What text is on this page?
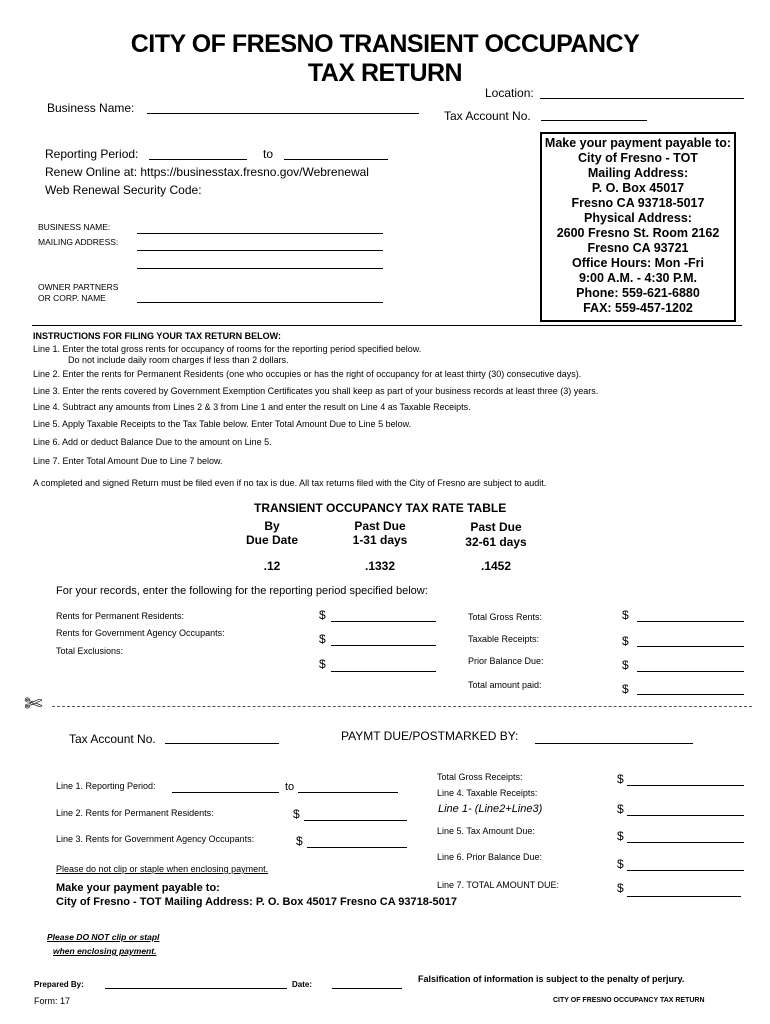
CITY OF FRESNO TRANSIENT OCCUPANCY
TAX RETURN
Location:
Business Name:
Tax Account No.
Reporting Period:	to
Renew Online at: https://businesstax.fresno.gov/Webrenewal
Web Renewal Security Code:
BUSINESS NAME:
MAILING ADDRESS:
OWNER PARTNERS
OR CORP. NAME
Make your payment payable to:
City of Fresno - TOT
Mailing Address:
P. O. Box 45017
Fresno CA 93718-5017
Physical Address:
2600 Fresno St. Room 2162
Fresno CA 93721
Office Hours: Mon -Fri
9:00 A.M. - 4:30 P.M.
Phone: 559-621-6880
FAX: 559-457-1202
INSTRUCTIONS FOR FILING YOUR TAX RETURN BELOW:
Line 1. Enter the total gross rents for occupancy of rooms for the reporting period specified below.
Do not include daily room charges if less than 2 dollars.
Line 2. Enter the rents for Permanent Residents (one who occupies or has the right of occupancy for at least thirty (30) consecutive days).
Line 3. Enter the rents covered by Government Exemption Certificates you shall keep as part of your business records at least three (3) years.
Line 4. Subtract any amounts from Lines 2 & 3 from Line 1 and enter the result on Line 4 as Taxable Receipts.
Line 5. Apply Taxable Receipts to the Tax Table below. Enter Total Amount Due to Line 5 below.
Line 6. Add or deduct Balance Due to the amount on Line 5.
Line 7. Enter Total Amount Due to Line 7 below.
A completed and signed Return must be filed even if no tax is due. All tax returns filed with the City of Fresno are subject to audit.
TRANSIENT OCCUPANCY TAX RATE TABLE
By
Due Date
Past Due
1-31 days
Past Due
32-61 days
.12	.1332	.1452
For your records, enter the following for the reporting period specified below:
Rents for Permanent Residents:	$
Rents for Government Agency Occupants:	$
Total Exclusions:
$
Total Gross Rents:	$
Taxable Receipts:	$
Prior Balance Due:	$
Total amount paid:	$
✄
Tax Account No.	PAYMT DUE/POSTMARKED BY:
Line 1. Reporting Period:	to
Line 2. Rents for Permanent Residents:	$
Line 3. Rents for Government Agency Occupants:	$
Please do not clip or staple when enclosing payment.
Total Gross Receipts:	$
Line 4. Taxable Receipts:
Line 1- (Line2+Line3)	$
Line 5. Tax Amount Due:	$
Line 6. Prior Balance Due:	$
Line 7. TOTAL AMOUNT DUE:	$
Make your payment payable to:
City of Fresno - TOT Mailing Address: P. O. Box 45017 Fresno CA 93718-5017
Please DO NOT clip or stapl
when enclosing payment.
Falsification of information is subject to the penalty of perjury.
Prepared By:	Date:
Form: 17	CITY OF FRESNO OCCUPANCY TAX RETURN
